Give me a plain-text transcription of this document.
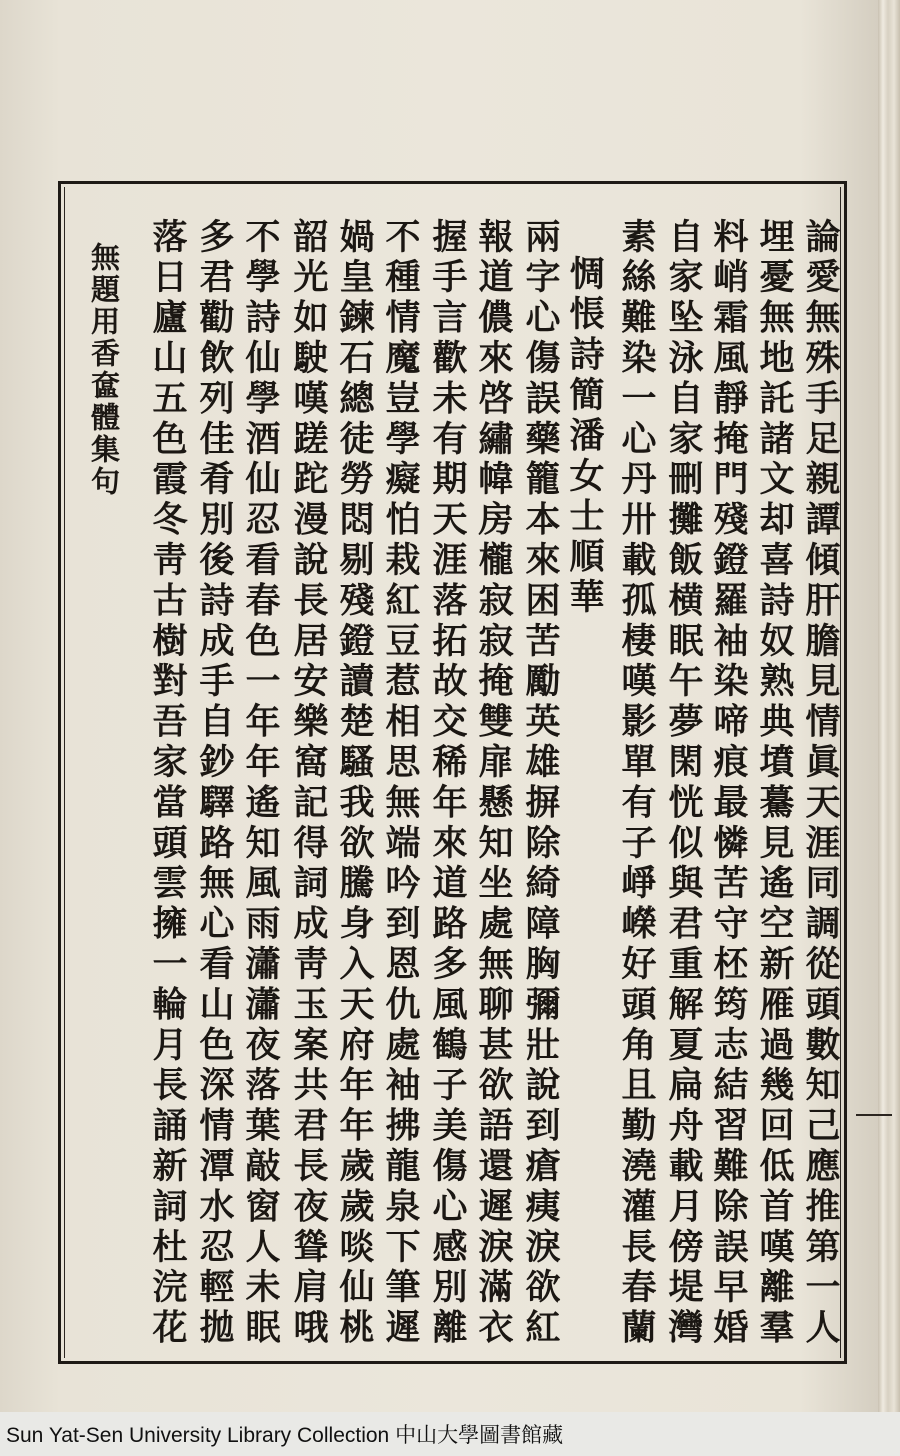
論愛無殊手足親譚傾肝膽見情眞天涯同調從頭數知己應推第一人
埋憂無地託諸文却喜詩奴熟典墳驀見遙空新雁過幾回低首嘆離羣
料峭霜風靜掩門殘鐙羅袖染啼痕最憐苦守柸筠志結習難除誤早婚
自家坠泳自家刪攤飯横眠午夢閑恍似與君重解夏扁舟載月傍堤灣
素絲難染一心丹卅載孤棲嘆影單有子崢嶸好頭角且勤澆灌長春蘭
惆悵詩簡潘女士順華
兩字心傷誤藥籠本來困苦勵英雄摒除綺障胸彌壯說到瘡痍淚欲紅
報道儂來啓繡幃房櫳寂寂掩雙扉懸知坐處無聊甚欲語還遲淚滿衣
握手言歡未有期天涯落拓故交稀年來道路多風鶴子美傷心感別離
不種情魔豈學癡怕栽紅豆惹相思無端吟到恩仇處袖拂龍泉下筆遲
媧皇鍊石總徒勞悶剔殘鐙讀楚騷我欲騰身入天府年年歲歲啖仙桃
韶光如駛嘆蹉跎漫說長居安樂窩記得詞成靑玉案共君長夜聳肩哦
不學詩仙學酒仙忍看春色一年年遙知風雨瀟瀟夜落葉敲窗人未眠
多君勸飲列佳肴別後詩成手自鈔驛路無心看山色深情潭水忍輕拋
落日廬山五色霞冬靑古樹對吾家當頭雲擁一輪月長誦新詞杜浣花
無題用香奩體集句
Sun Yat-Sen University Library Collection 中山大學圖書館藏
